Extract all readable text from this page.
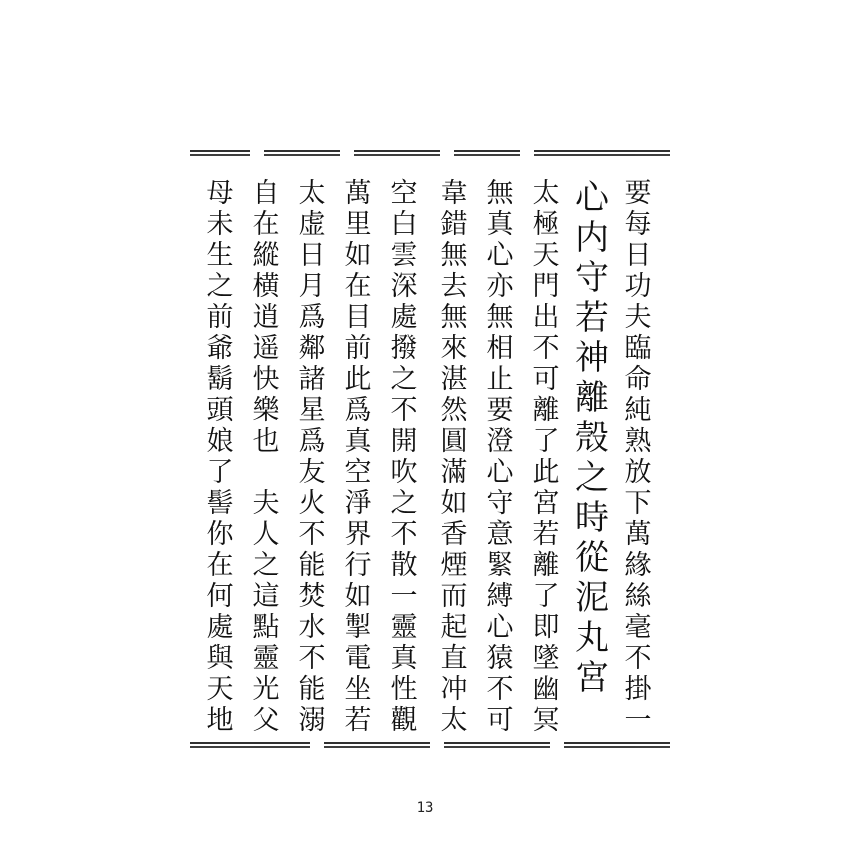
要
每
日
功
夫
臨
命
純
熟
放
下
萬
緣
絲
毫
不
掛
一
心
内
守
若
神
離
殼
之
時
從
泥
丸
宮
太
極
天
門
出
不
可
離
了
此
宮
若
離
了
即
墜
幽
冥
無
真
心
亦
無
相
止
要
澄
心
守
意
緊
縛
心
猿
不
可
韋
錯
無
去
無
來
湛
然
圓
滿
如
香
煙
而
起
直
冲
太
空
白
雲
深
處
撥
之
不
開
吹
之
不
散
一
靈
真
性
觀
萬
里
如
在
目
前
此
爲
真
空
淨
界
行
如
掣
電
坐
若
太
虚
日
月
爲
鄰
諸
星
爲
友
火
不
能
焚
水
不
能
溺
自
在
縱
横
逍
遥
快
樂
也

夫
人
之
這
點
靈
光
父
母
未
生
之
前
爺
鬍
頭
娘
了
髻
你
在
何
處
與
天
地
13
